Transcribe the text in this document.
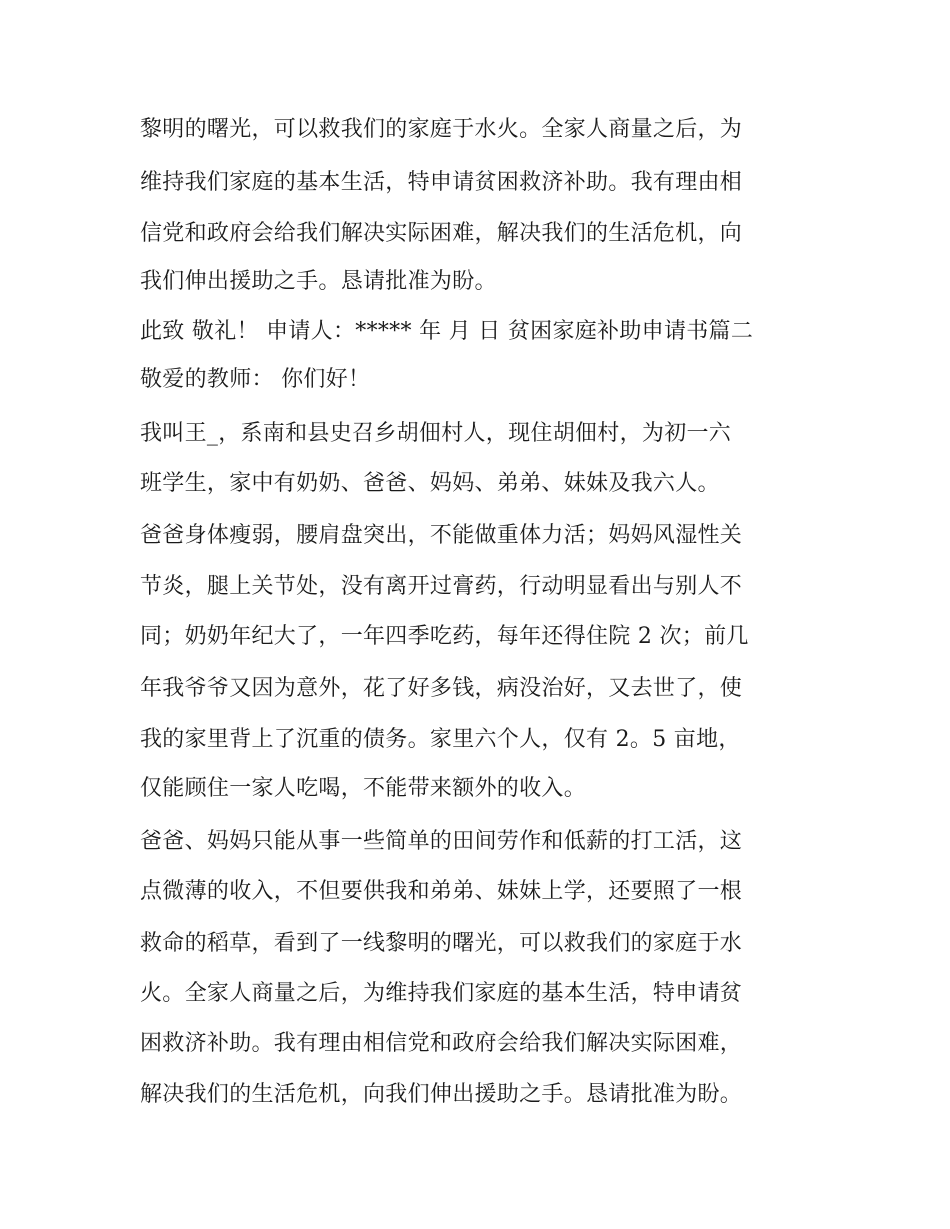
黎明的曙光，可以救我们的家庭于水火。全家人商量之后，为
维持我们家庭的基本生活，特申请贫困救济补助。我有理由相
信党和政府会给我们解决实际困难，解决我们的生活危机，向
我们伸出援助之手。恳请批准为盼。
此致 敬礼！ 申请人：***** 年 月 日 贫困家庭补助申请书篇二
敬爱的教师： 你们好！
我叫王_，系南和县史召乡胡佃村人，现住胡佃村，为初一六
班学生，家中有奶奶、爸爸、妈妈、弟弟、妹妹及我六人。
爸爸身体瘦弱，腰肩盘突出，不能做重体力活；妈妈风湿性关
节炎，腿上关节处，没有离开过膏药，行动明显看出与别人不
同；奶奶年纪大了，一年四季吃药，每年还得住院 2 次；前几
年我爷爷又因为意外，花了好多钱，病没治好，又去世了，使
我的家里背上了沉重的债务。家里六个人，仅有 2。5 亩地，
仅能顾住一家人吃喝，不能带来额外的收入。
爸爸、妈妈只能从事一些简单的田间劳作和低薪的打工活，这
点微薄的收入，不但要供我和弟弟、妹妹上学，还要照了一根
救命的稻草，看到了一线黎明的曙光，可以救我们的家庭于水
火。全家人商量之后，为维持我们家庭的基本生活，特申请贫
困救济补助。我有理由相信党和政府会给我们解决实际困难，
解决我们的生活危机，向我们伸出援助之手。恳请批准为盼。
